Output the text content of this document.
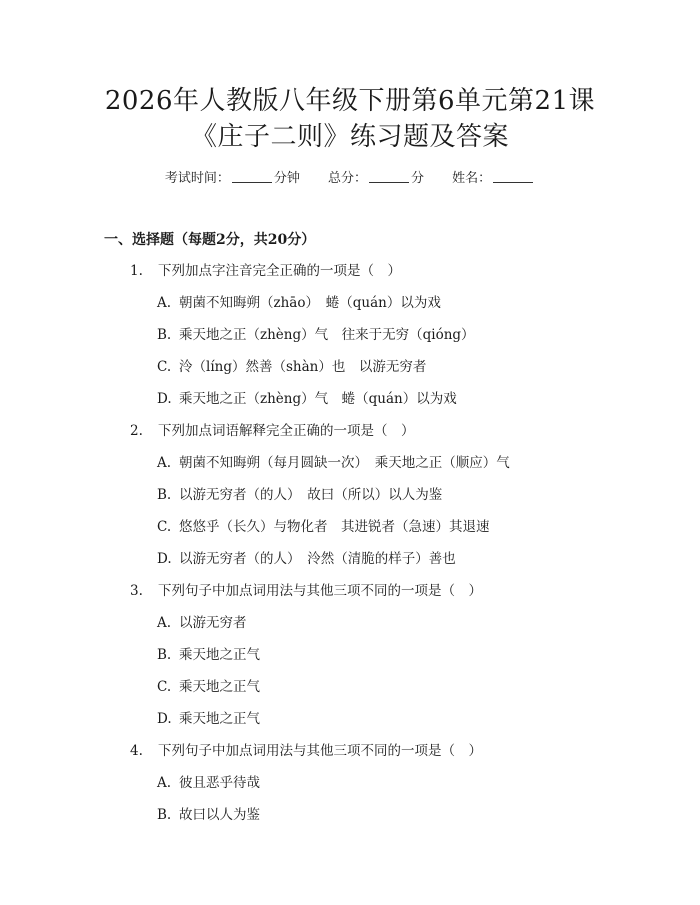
2026年人教版八年级下册第6单元第21课
《庄子二则》练习题及答案
考试时间：	分钟 总分：	分 姓名：
一、选择题（每题2分，共20分）
1. 下列加点字注音完全正确的一项是（　）
A. 朝菌不知晦朔（zhāo）　蜷（quán）以为戏
B. 乘天地之正（zhèng）气　往来于无穷（qióng）
C. 泠（líng）然善（shàn）也　以游无穷者
D. 乘天地之正（zhèng）气　蜷（quán）以为戏
2. 下列加点词语解释完全正确的一项是（　）
A. 朝菌不知晦朔（每月圆缺一次）　乘天地之正（顺应）气
B. 以游无穷者（的人）　故曰（所以）以人为鉴
C. 悠悠乎（长久）与物化者　其进锐者（急速）其退速
D. 以游无穷者（的人）　泠然（清脆的样子）善也
3. 下列句子中加点词用法与其他三项不同的一项是（　）
A. 以游无穷者
B. 乘天地之正气
C. 乘天地之正气
D. 乘天地之正气
4. 下列句子中加点词用法与其他三项不同的一项是（　）
A. 彼且恶乎待哉
B. 故曰以人为鉴
